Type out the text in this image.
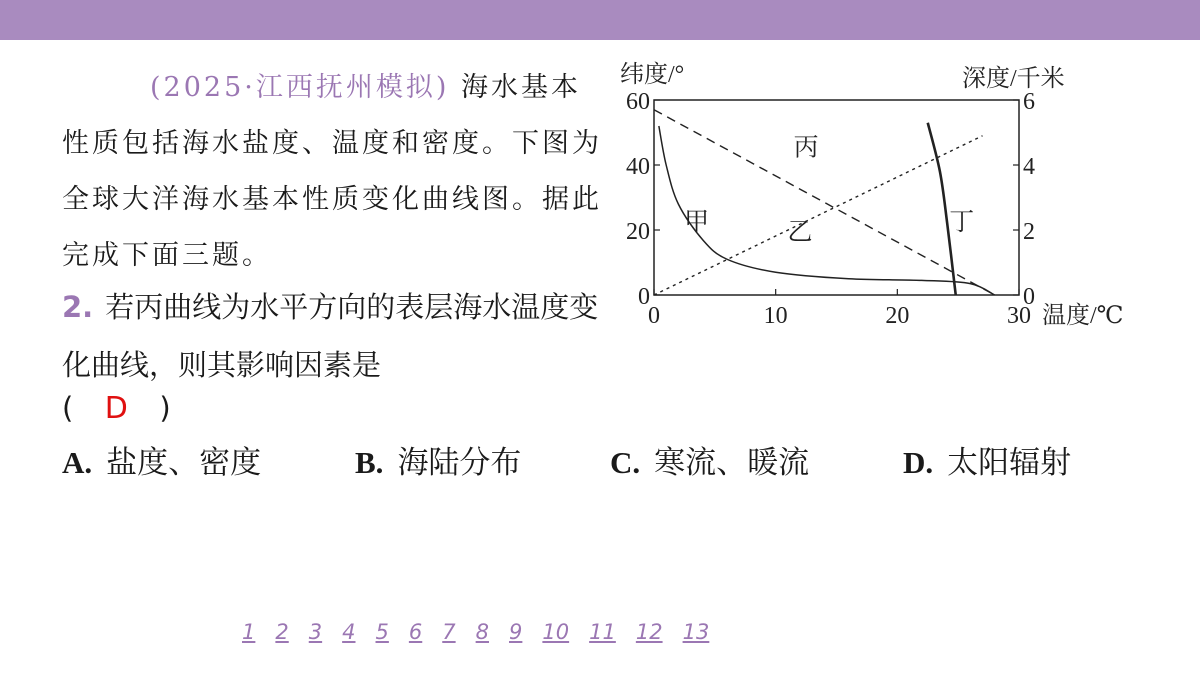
(2025·江西抚州模拟) 海水基本性质包括海水盐度、温度和密度。下图为全球大洋海水基本性质变化曲线图。据此完成下面三题。
2. 若丙曲线为水平方向的表层海水温度变化曲线，则其影响因素是
( D )
A. 盐度、密度	B. 海陆分布	C. 寒流、暖流	D. 太阳辐射
0	10	20	30
0
20
40
60
0
2
4
6
纬度/°	深度/千米
温度/℃
甲	乙
丙
丁
1 2 3 4 5 6 7 8 9 10 11 12 13
